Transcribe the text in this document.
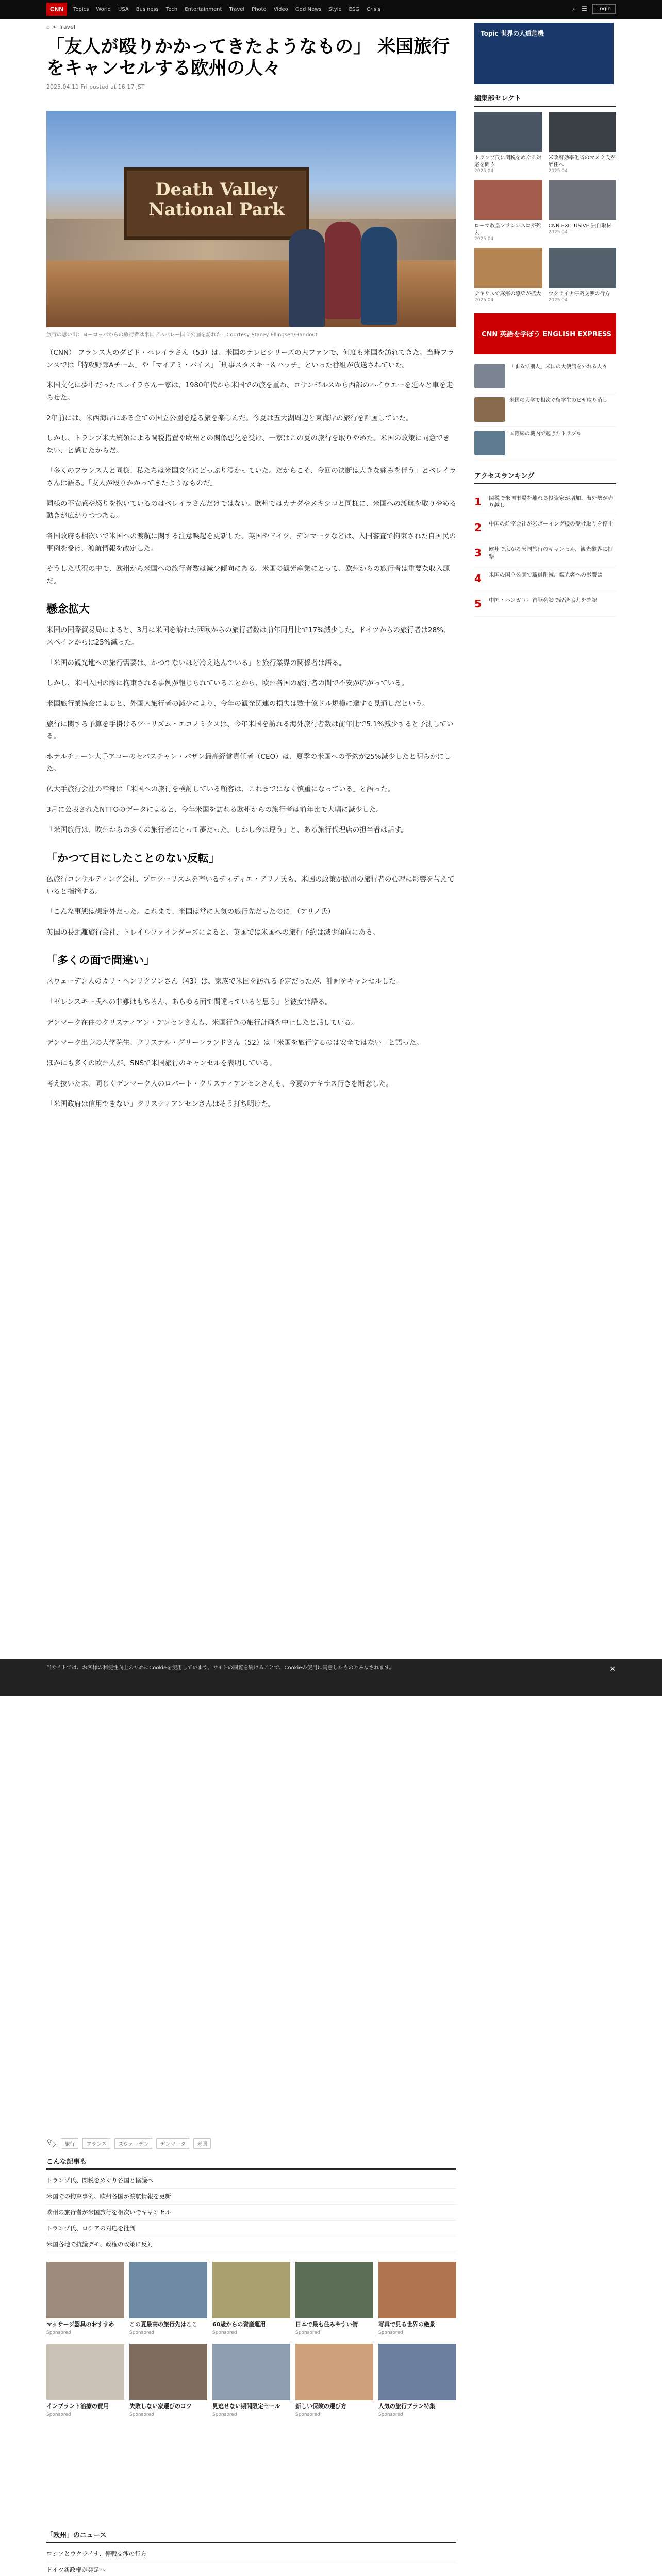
CNN	Topics World USA Business Tech Entertainment Travel Photo Video Odd News Style ESG Crisis	⌕ ☰	Login
⌂ > Travel
「友人が殴りかかってきたようなもの」 米国旅行をキャンセルする欧州の人々
2025.04.11 Fri posted at 16:17 JST
Death Valley National Park
旅行の思い出：ヨーロッパからの旅行者は米国デスバレー国立公園を訪れた＝Courtesy Stacey Ellingsen/Handout

（CNN） フランス人のダビド・ペレイラさん（53）は、米国のテレビシリーズの大ファンで、何度も米国を訪れてきた。当時フランスでは「特攻野郎Aチーム」や「マイアミ・バイス」「刑事スタスキー＆ハッチ」といった番組が放送されていた。

米国文化に夢中だったペレイラさん一家は、1980年代から米国での旅を重ね、ロサンゼルスから西部のハイウエーを延々と車を走らせた。

2年前には、米西海岸にある全ての国立公園を巡る旅を楽しんだ。今夏は五大湖周辺と東海岸の旅行を計画していた。

しかし、トランプ米大統領による関税措置や欧州との関係悪化を受け、一家はこの夏の旅行を取りやめた。米国の政策に同意できない、と感じたからだ。

「多くのフランス人と同様、私たちは米国文化にどっぷり浸かっていた。だからこそ、今回の決断は大きな痛みを伴う」とペレイラさんは語る。「友人が殴りかかってきたようなものだ」

同様の不安感や怒りを抱いているのはペレイラさんだけではない。欧州ではカナダやメキシコと同様に、米国への渡航を取りやめる動きが広がりつつある。

各国政府も相次いで米国への渡航に関する注意喚起を更新した。英国やドイツ、デンマークなどは、入国審査で拘束された自国民の事例を受け、渡航情報を改定した。

そうした状況の中で、欧州から米国への旅行者数は減少傾向にある。米国の観光産業にとって、欧州からの旅行者は重要な収入源だ。

懸念拡大

米国の国際貿易局によると、3月に米国を訪れた西欧からの旅行者数は前年同月比で17%減少した。ドイツからの旅行者は28%、スペインからは25%減った。

「米国の観光地への旅行需要は、かつてないほど冷え込んでいる」と旅行業界の関係者は語る。

しかし、米国入国の際に拘束される事例が報じられていることから、欧州各国の旅行者の間で不安が広がっている。

米国旅行業協会によると、外国人旅行者の減少により、今年の観光関連の損失は数十億ドル規模に達する見通しだという。

旅行に関する予算を手掛けるツーリズム・エコノミクスは、今年米国を訪れる海外旅行者数は前年比で5.1%減少すると予測している。

ホテルチェーン大手アコーのセバスチャン・バザン最高経営責任者（CEO）は、夏季の米国への予約が25%減少したと明らかにした。

仏大手旅行会社の幹部は「米国への旅行を検討している顧客は、これまでになく慎重になっている」と語った。

3月に公表されたNTTOのデータによると、今年米国を訪れる欧州からの旅行者は前年比で大幅に減少した。

「米国旅行は、欧州からの多くの旅行者にとって夢だった。しかし今は違う」と、ある旅行代理店の担当者は話す。

「かつて目にしたことのない反転」

仏旅行コンサルティング会社、プロツーリズムを率いるディディエ・アリノ氏も、米国の政策が欧州の旅行者の心理に影響を与えていると指摘する。

「こんな事態は想定外だった。これまで、米国は常に人気の旅行先だったのに」（アリノ氏）

英国の長距離旅行会社、トレイルファインダーズによると、英国では米国への旅行予約は減少傾向にある。

「多くの面で間違い」

スウェーデン人のカリ・ヘンリクソンさん（43）は、家族で米国を訪れる予定だったが、計画をキャンセルした。

「ゼレンスキー氏への非難はもちろん、あらゆる面で間違っていると思う」と彼女は語る。

デンマーク在住のクリスティアン・アンセンさんも、米国行きの旅行計画を中止したと話している。

デンマーク出身の大学院生、クリステル・グリーンランドさん（52）は「米国を旅行するのは安全ではない」と語った。

ほかにも多くの欧州人が、SNSで米国旅行のキャンセルを表明している。

考え抜いた末、同じくデンマーク人のロバート・クリスティアンセンさんも、今夏のテキサス行きを断念した。

「米国政府は信用できない」クリスティアンセンさんはそう打ち明けた。

Topic 世界の人道危機
編集部セレクト
トランプ氏に関税をめぐる対応を問う
2025.04
米政府効率化省のマスク氏が辞任へ
2025.04
ローマ教皇フランシスコが死去
2025.04
CNN EXCLUSIVE 独自取材
2025.04
テキサスで麻疹の感染が拡大
2025.04
ウクライナ停戦交渉の行方
2025.04
CNN 英語を学ぼう ENGLISH EXPRESS
「まるで別人」米国の大使館を外れる人々
米国の大学で相次ぐ留学生のビザ取り消し
国際線の機内で起きたトラブル
アクセスランキング
1	関税で米国市場を離れる投資家が増加、海外勢が売り越し
2	中国の航空会社が米ボーイング機の受け取りを停止
3	欧州で広がる米国旅行のキャンセル、観光業界に打撃
4	米国の国立公園で職員削減、観光客への影響は
5	中国・ハンガリー首脳会談で経済協力を確認
当サイトでは、お客様の利便性向上のためにCookieを使用しています。サイトの閲覧を続けることで、Cookieの使用に同意したものとみなされます。	✕
🏷	旅行	フランス	スウェーデン	デンマーク	米国
こんな記事も
トランプ氏、関税をめぐり各国と協議へ
米国での拘束事例、欧州各国が渡航情報を更新
欧州の旅行者が米国旅行を相次いでキャンセル
トランプ氏、ロシアの対応を批判
米国各地で抗議デモ、政権の政策に反対
マッサージ器具のおすすめ
Sponsored
この夏最高の旅行先はここ
Sponsored
60歳からの資産運用
Sponsored
日本で最も住みやすい街
Sponsored
写真で見る世界の絶景
Sponsored
インプラント治療の費用
Sponsored
失敗しない家選びのコツ
Sponsored
見逃せない期間限定セール
Sponsored
新しい保険の選び方
Sponsored
人気の旅行プラン特集
Sponsored
「欧州」のニュース
ロシアとウクライナ、停戦交渉の行方
ドイツ新政権が発足へ
